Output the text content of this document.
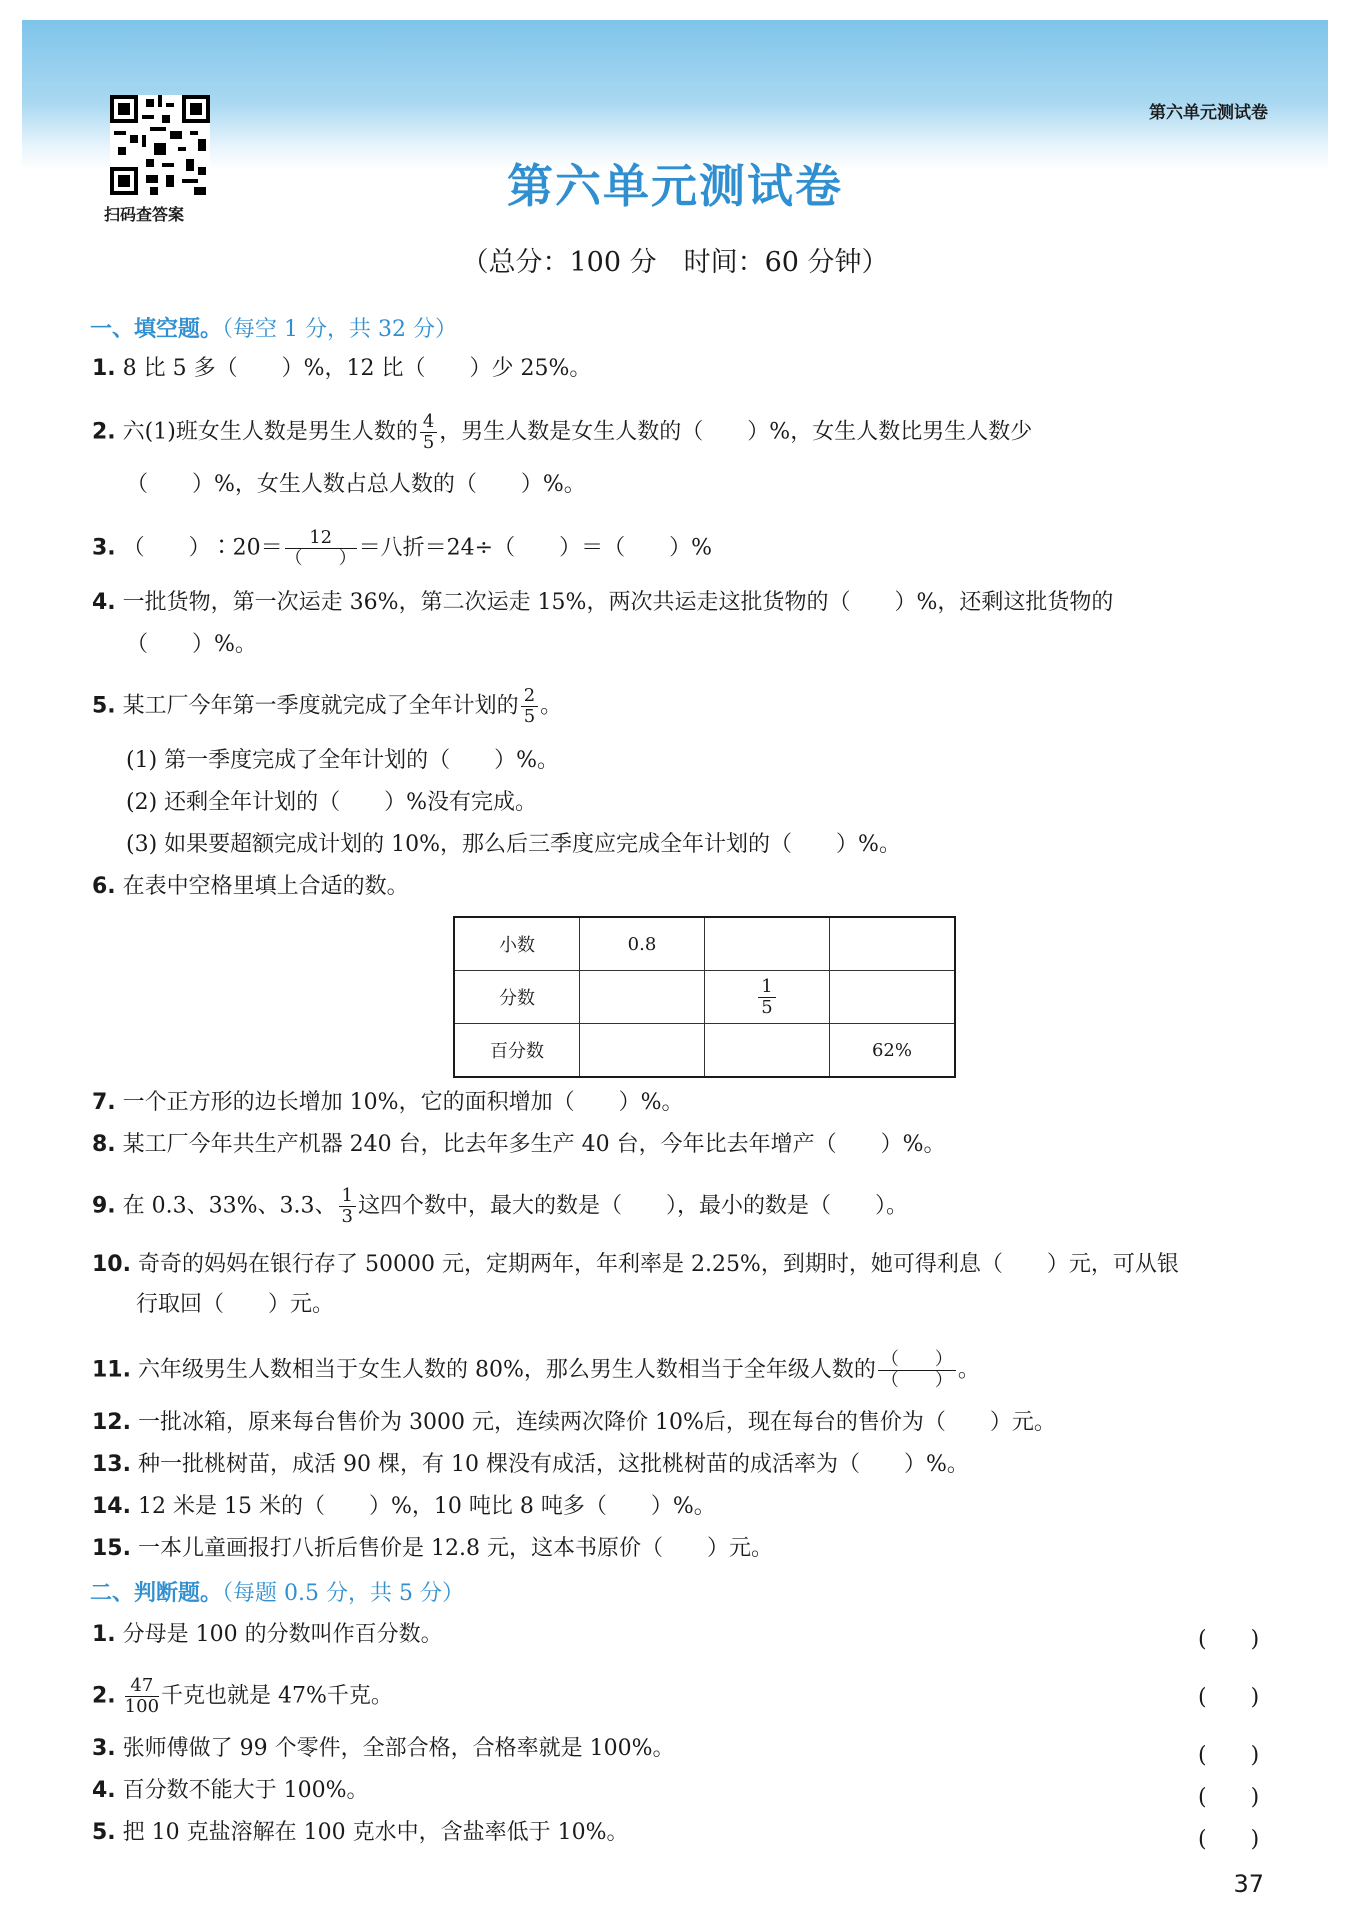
第六单元测试卷
扫码查答案
第六单元测试卷
（总分：100 分　时间：60 分钟）
一、填空题。（每空 1 分，共 32 分）
1. 8 比 5 多（　　）%，12 比（　　）少 25%。
2. 六(1)班女生人数是男生人数的 $\frac{4}{5}$ ，男生人数是女生人数的（　　）%，女生人数比男生人数少
（　　）%，女生人数占总人数的（　　）%。
3. （　　）∶20＝ $\frac{12}{( )}$ ＝八折＝24÷（　　）＝（　　）%
4. 一批货物，第一次运走 36%，第二次运走 15%，两次共运走这批货物的（　　）%，还剩这批货物的
（　　）%。
5. 某工厂今年第一季度就完成了全年计划的 $\frac{2}{5}$ 。
(1) 第一季度完成了全年计划的（　　）%。
(2) 还剩全年计划的（　　）%没有完成。
(3) 如果要超额完成计划的 10%，那么后三季度应完成全年计划的（　　）%。
6. 在表中空格里填上合适的数。
小数	0.8		
分数		$\frac{1}{5}$

百分数			62%
7. 一个正方形的边长增加 10%，它的面积增加（　　）%。
8. 某工厂今年共生产机器 240 台，比去年多生产 40 台，今年比去年增产（　　）%。
9. 在 0.3、33%、3.3、 $\frac{1}{3}$ 这四个数中，最大的数是（　　），最小的数是（　　）。
10. 奇奇的妈妈在银行存了 50000 元，定期两年，年利率是 2.25%，到期时，她可得利息（　　）元，可从银
行取回（　　）元。
11. 六年级男生人数相当于女生人数的 80%，那么男生人数相当于全年级人数的 $\frac{( )}{( )}$ 。
12. 一批冰箱，原来每台售价为 3000 元，连续两次降价 10%后，现在每台的售价为（　　）元。
13. 种一批桃树苗，成活 90 棵，有 10 棵没有成活，这批桃树苗的成活率为（　　）%。
14. 12 米是 15 米的（　　）%，10 吨比 8 吨多（　　）%。
15. 一本儿童画报打八折后售价是 12.8 元，这本书原价（　　）元。
二、判断题。（每题 0.5 分，共 5 分）
1. 分母是 100 的分数叫作百分数。
2. $\frac{47}{100}$ 千克也就是 47%千克。
3. 张师傅做了 99 个零件，全部合格，合格率就是 100%。
4. 百分数不能大于 100%。
5. 把 10 克盐溶解在 100 克水中，含盐率低于 10%。
(　　)
(　　)
(　　)
(　　)
(　　)
37
